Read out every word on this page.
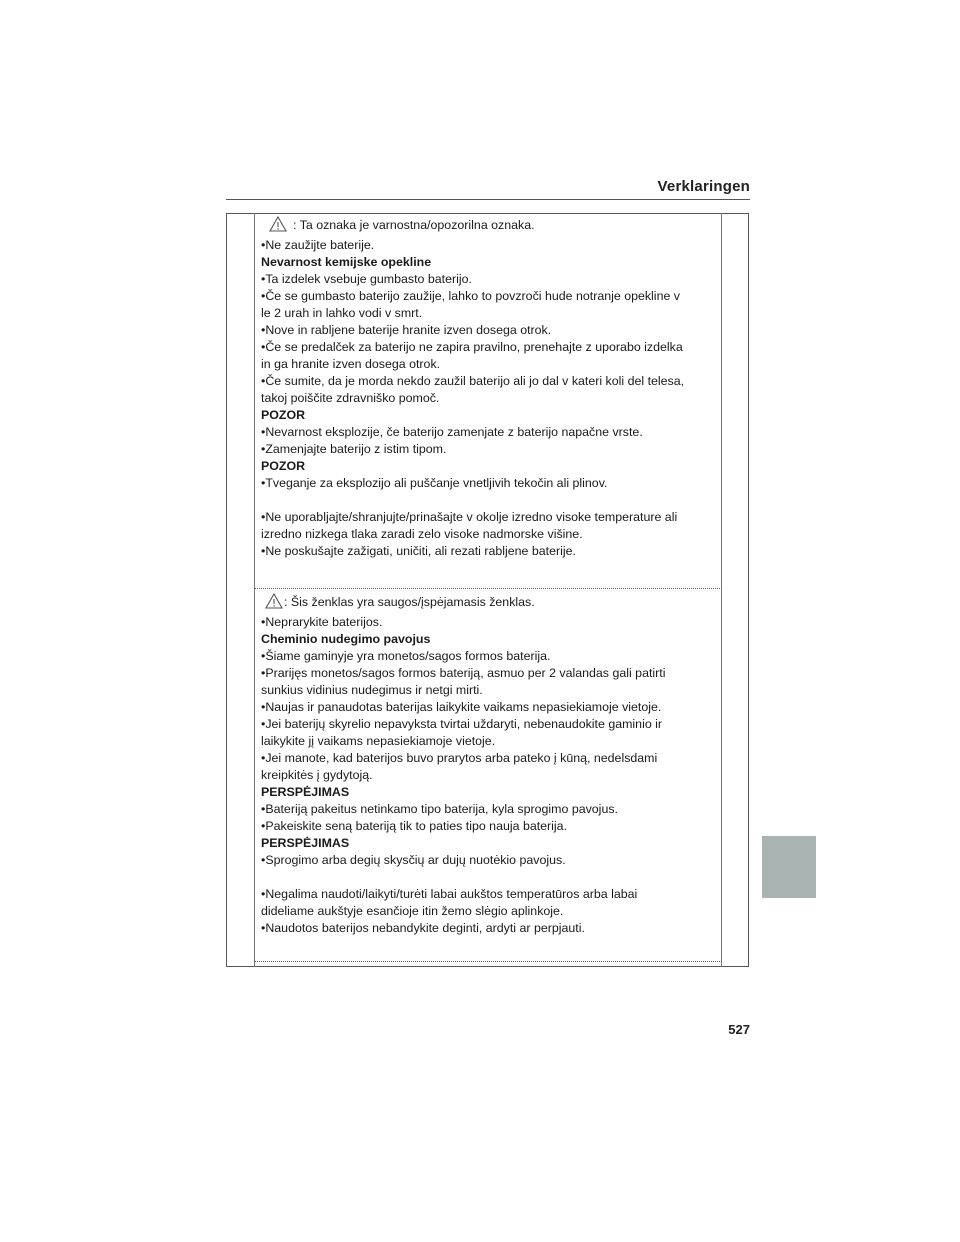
Verklaringen
: Ta oznaka je varnostna/opozorilna oznaka.
•Ne zaužijte baterije.
Nevarnost kemijske opekline
•Ta izdelek vsebuje gumbasto baterijo.
•Če se gumbasto baterijo zaužije, lahko to povzroči hude notranje opekline v
le 2 urah in lahko vodi v smrt.
•Nove in rabljene baterije hranite izven dosega otrok.
•Če se predalček za baterijo ne zapira pravilno, prenehajte z uporabo izdelka
in ga hranite izven dosega otrok.
•Če sumite, da je morda nekdo zaužil baterijo ali jo dal v kateri koli del telesa,
takoj poiščite zdravniško pomoč.
POZOR
•Nevarnost eksplozije, če baterijo zamenjate z baterijo napačne vrste.
•Zamenjajte baterijo z istim tipom.
POZOR
•Tveganje za eksplozijo ali puščanje vnetljivih tekočin ali plinov.
•Ne uporabljajte/shranjujte/prinašajte v okolje izredno visoke temperature ali
izredno nizkega tlaka zaradi zelo visoke nadmorske višine.
•Ne poskušajte zažigati, uničiti, ali rezati rabljene baterije.
: Šis ženklas yra saugos/įspėjamasis ženklas.
•Neprarykite baterijos.
Cheminio nudegimo pavojus
•Šiame gaminyje yra monetos/sagos formos baterija.
•Prarijęs monetos/sagos formos bateriją, asmuo per 2 valandas gali patirti
sunkius vidinius nudegimus ir netgi mirti.
•Naujas ir panaudotas baterijas laikykite vaikams nepasiekiamoje vietoje.
•Jei baterijų skyrelio nepavyksta tvirtai uždaryti, nebenaudokite gaminio ir
laikykite jį vaikams nepasiekiamoje vietoje.
•Jei manote, kad baterijos buvo prarytos arba pateko į kūną, nedelsdami
kreipkitės į gydytoją.
PERSPĖJIMAS
•Bateriją pakeitus netinkamo tipo baterija, kyla sprogimo pavojus.
•Pakeiskite seną bateriją tik to paties tipo nauja baterija.
PERSPĖJIMAS
•Sprogimo arba degių skysčių ar dujų nuotėkio pavojus.
•Negalima naudoti/laikyti/turėti labai aukštos temperatūros arba labai
dideliame aukštyje esančioje itin žemo slėgio aplinkoje.
•Naudotos baterijos nebandykite deginti, ardyti ar perpjauti.
527
